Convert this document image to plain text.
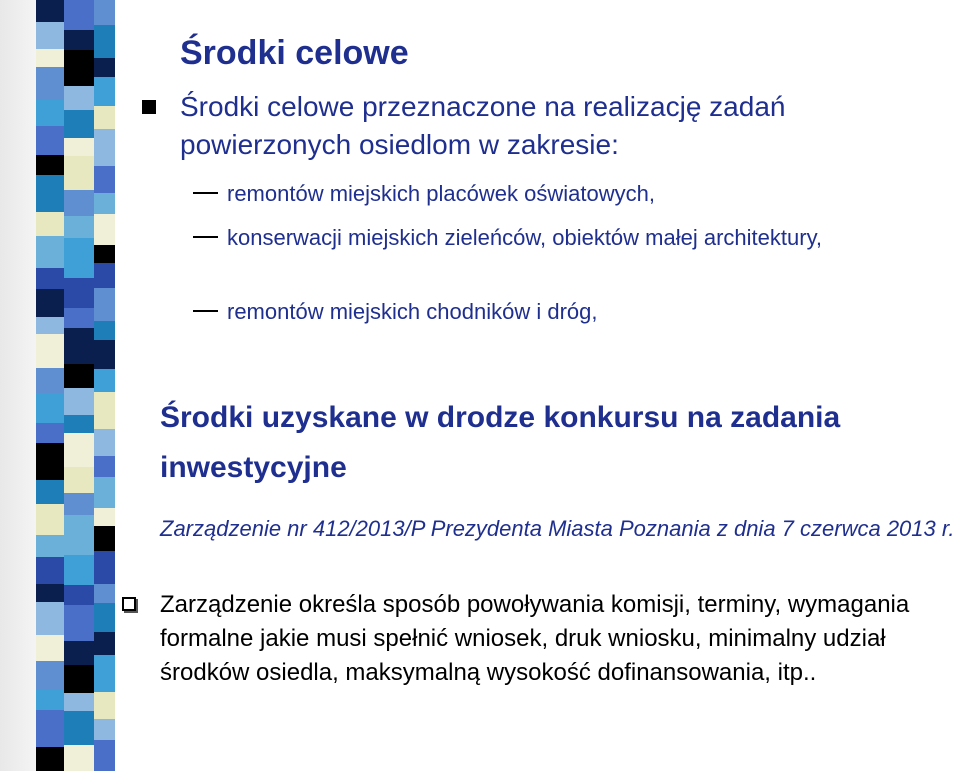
Środki celowe
Środki celowe przeznaczone na realizację zadań powierzonych osiedlom w zakresie:
remontów miejskich placówek oświatowych,
konserwacji miejskich zieleńców, obiektów małej architektury,
remontów miejskich chodników i dróg,
Środki uzyskane w drodze konkursu na zadania inwestycyjne
Zarządzenie nr 412/2013/P Prezydenta Miasta Poznania z dnia 7 czerwca 2013 r.
Zarządzenie określa sposób powoływania komisji, terminy, wymagania formalne jakie musi spełnić wniosek, druk wniosku, minimalny udział środków osiedla, maksymalną wysokość dofinansowania, itp..
